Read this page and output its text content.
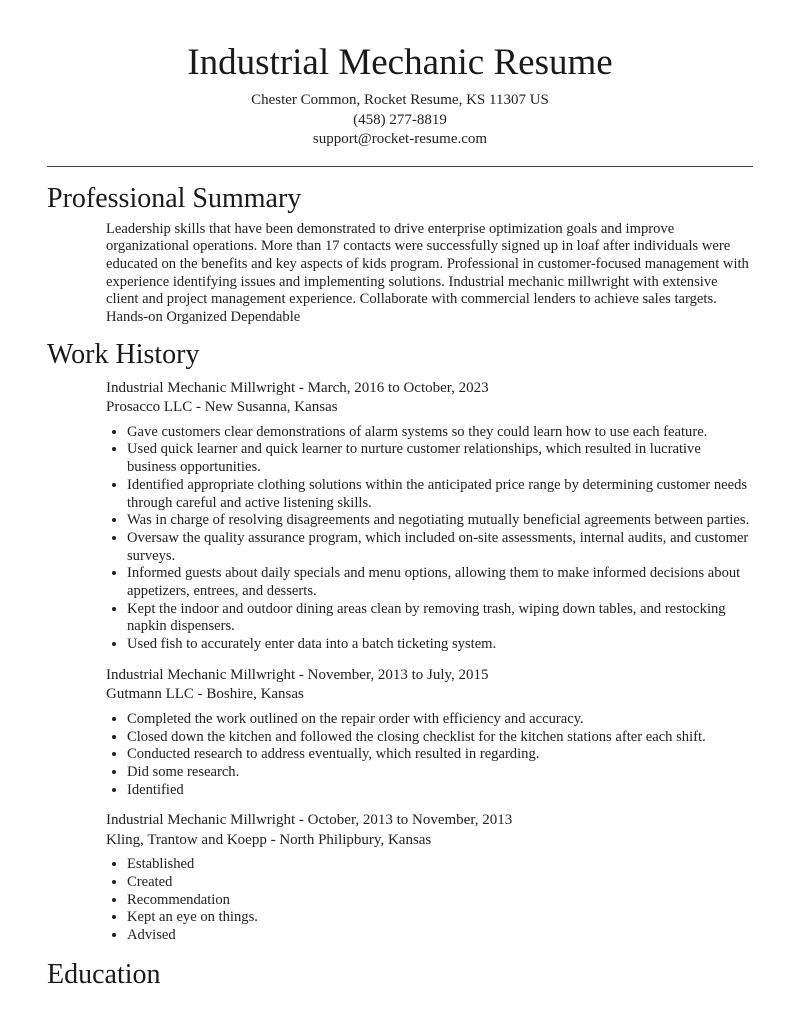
Industrial Mechanic Resume
Chester Common, Rocket Resume, KS 11307 US
(458) 277-8819
support@rocket-resume.com
Professional Summary

Leadership skills that have been demonstrated to drive enterprise optimization goals and improve organizational operations. More than 17 contacts were successfully signed up in loaf after individuals were educated on the benefits and key aspects of kids program. Professional in customer-focused management with experience identifying issues and implementing solutions. Industrial mechanic millwright with extensive client and project management experience. Collaborate with commercial lenders to achieve sales targets. Hands-on Organized Dependable

Work History
Industrial Mechanic Millwright - March, 2016 to October, 2023
Prosacco LLC - New Susanna, Kansas
• Gave customers clear demonstrations of alarm systems so they could learn how to use each feature.
• Used quick learner and quick learner to nurture customer relationships, which resulted in lucrative business opportunities.
• Identified appropriate clothing solutions within the anticipated price range by determining customer needs through careful and active listening skills.
• Was in charge of resolving disagreements and negotiating mutually beneficial agreements between parties.
• Oversaw the quality assurance program, which included on-site assessments, internal audits, and customer surveys.
• Informed guests about daily specials and menu options, allowing them to make informed decisions about appetizers, entrees, and desserts.
• Kept the indoor and outdoor dining areas clean by removing trash, wiping down tables, and restocking napkin dispensers.
• Used fish to accurately enter data into a batch ticketing system.
Industrial Mechanic Millwright - November, 2013 to July, 2015
Gutmann LLC - Boshire, Kansas
• Completed the work outlined on the repair order with efficiency and accuracy.
• Closed down the kitchen and followed the closing checklist for the kitchen stations after each shift.
• Conducted research to address eventually, which resulted in regarding.
• Did some research.
• Identified
Industrial Mechanic Millwright - October, 2013 to November, 2013
Kling, Trantow and Koepp - North Philipbury, Kansas
• Established
• Created
• Recommendation
• Kept an eye on things.
• Advised
Education
